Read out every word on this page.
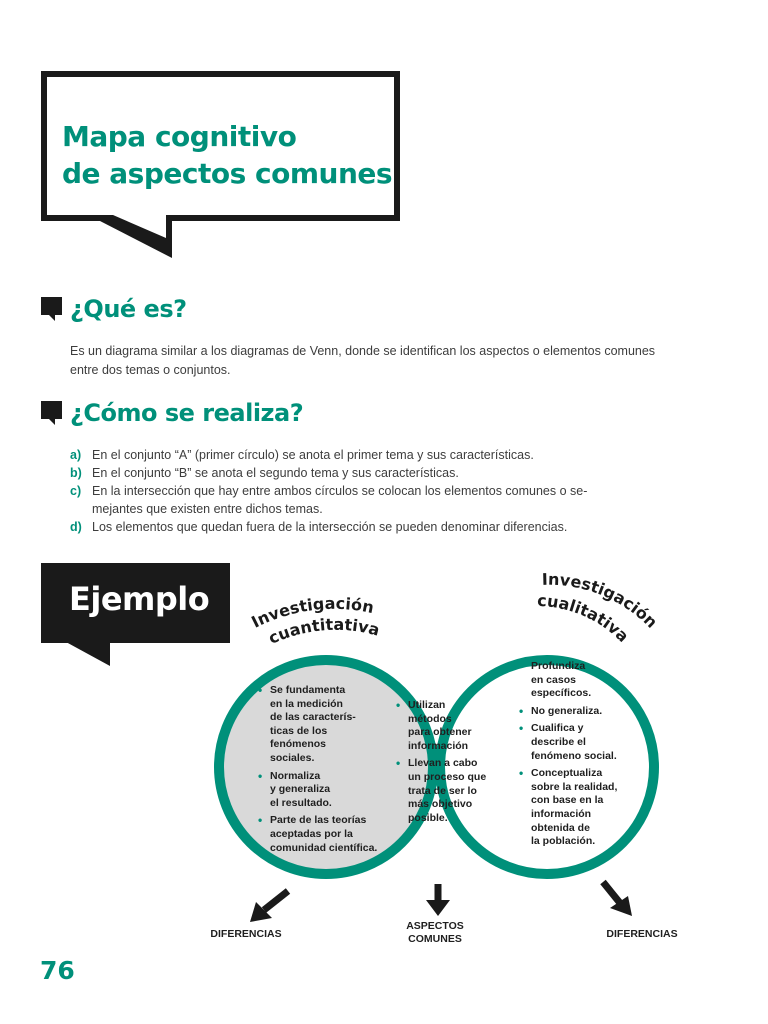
Mapa cognitivo
de aspectos comunes
¿Qué es?
Es un diagrama similar a los diagramas de Venn, donde se identifican los aspectos o elementos comunes entre dos temas o conjuntos.
¿Cómo se realiza?
a) En el conjunto “A” (primer círculo) se anota el primer tema y sus características.
b) En el conjunto “B” se anota el segundo tema y sus características.
c) En la intersección que hay entre ambos círculos se colocan los elementos comunes o se-
mejantes que existen entre dichos temas.
d) Los elementos que quedan fuera de la intersección se pueden denominar diferencias.
Ejemplo
Investigación
cuantitativa
Investigación
cualitativa
• Se fundamenta
en la medición
de las caracterís-
ticas de los
fenómenos
sociales.
• Normaliza
y generaliza
el resultado.
• Parte de las teorías
aceptadas por la
comunidad científica.
• Utilizan
métodos
para obtener
información
• Llevan a cabo
un proceso que
trata de ser lo
más objetivo
posible.
• Profundiza
en casos
específicos.
• No generaliza.
• Cualifica y
describe el
fenómeno social.
• Conceptualiza
sobre la realidad,
con base en la
información
obtenida de
la población.
DIFERENCIAS
ASPECTOS
COMUNES	DIFERENCIAS
76
